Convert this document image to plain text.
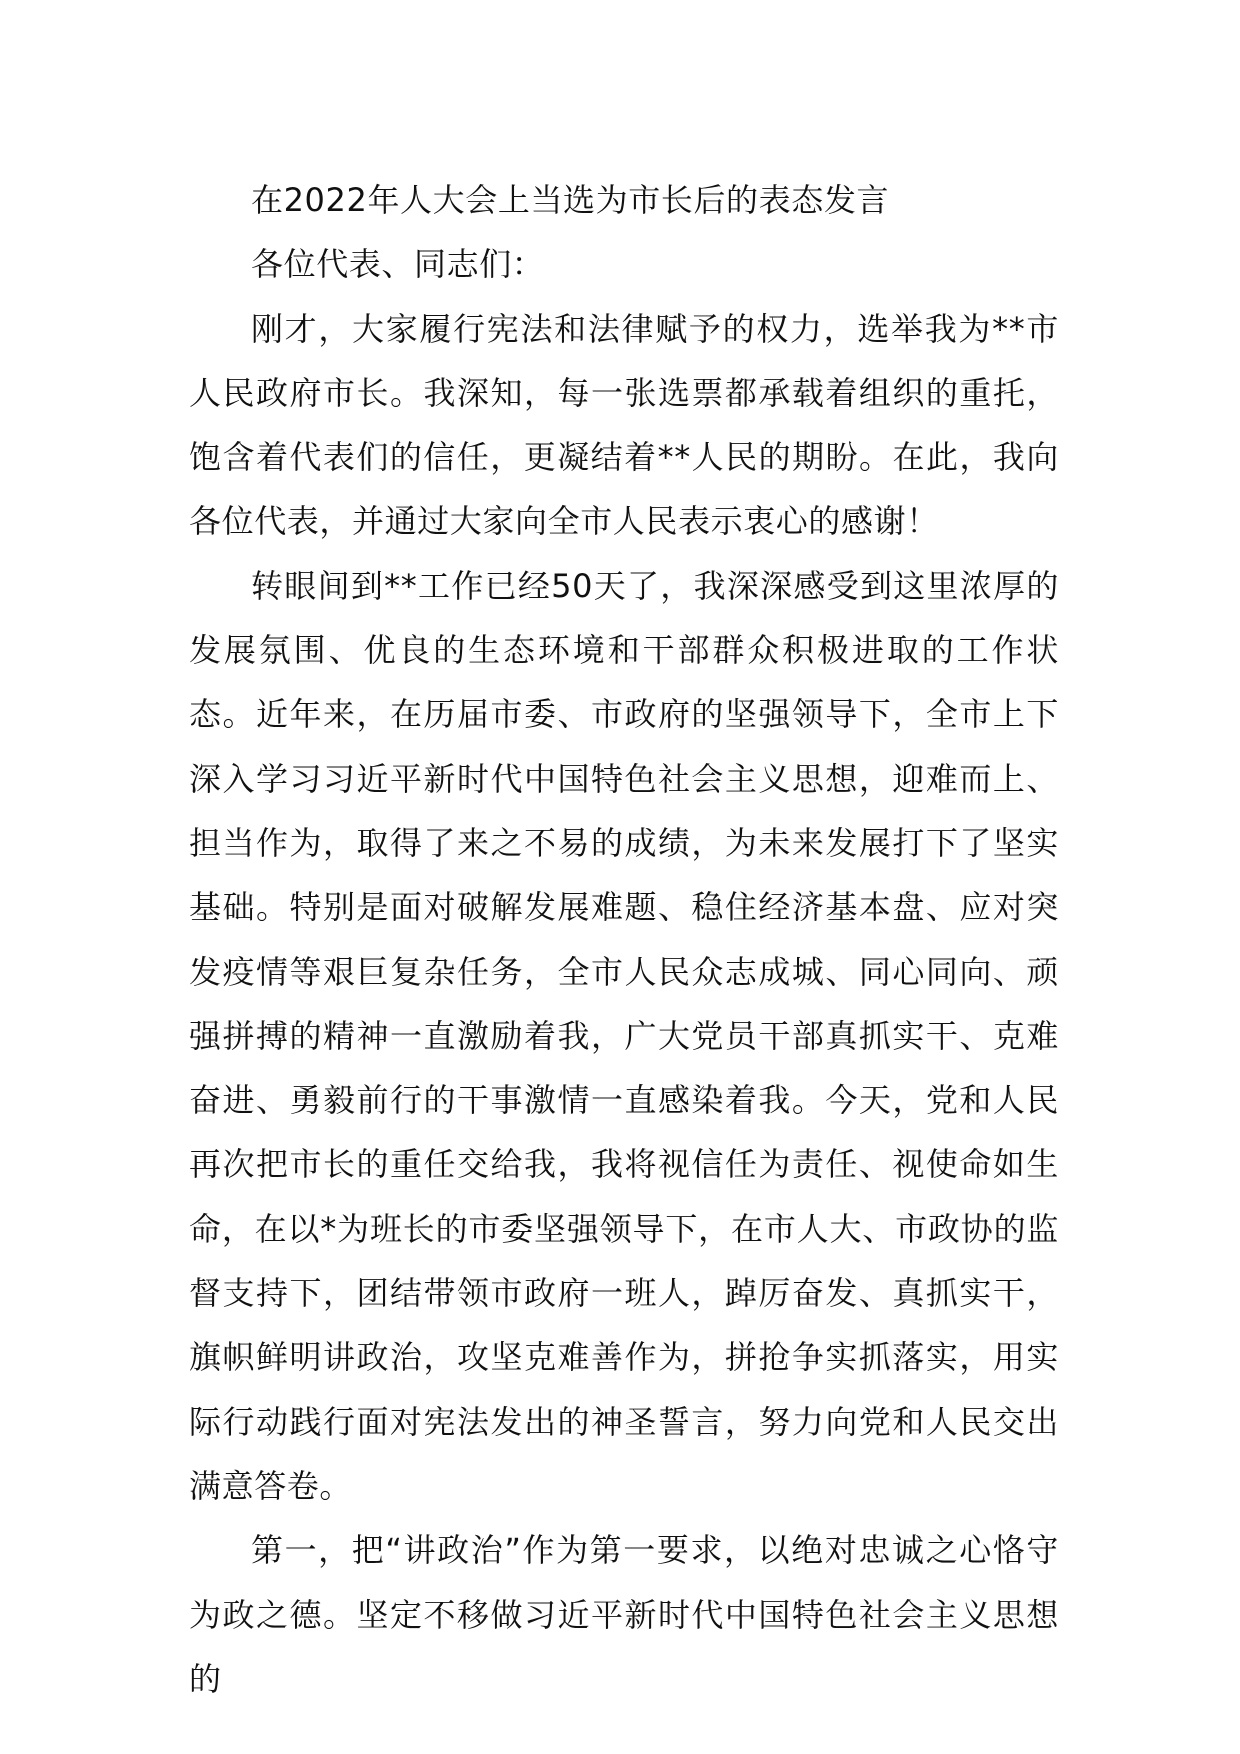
在2022年人大会上当选为市长后的表态发言

各位代表、同志们：

刚才，大家履行宪法和法律赋予的权力，选举我为**市人民政府市长。我深知，每一张选票都承载着组织的重托，饱含着代表们的信任，更凝结着**人民的期盼。在此，我向各位代表，并通过大家向全市人民表示衷心的感谢！

转眼间到**工作已经50天了，我深深感受到这里浓厚的发展氛围、优良的生态环境和干部群众积极进取的工作状态。近年来，在历届市委、市政府的坚强领导下，全市上下深入学习习近平新时代中国特色社会主义思想，迎难而上、担当作为，取得了来之不易的成绩，为未来发展打下了坚实基础。特别是面对破解发展难题、稳住经济基本盘、应对突发疫情等艰巨复杂任务，全市人民众志成城、同心同向、顽强拼搏的精神一直激励着我，广大党员干部真抓实干、克难奋进、勇毅前行的干事激情一直感染着我。今天，党和人民再次把市长的重任交给我，我将视信任为责任、视使命如生命，在以*为班长的市委坚强领导下，在市人大、市政协的监督支持下，团结带领市政府一班人，踔厉奋发、真抓实干，旗帜鲜明讲政治，攻坚克难善作为，拼抢争实抓落实，用实际行动践行面对宪法发出的神圣誓言，努力向党和人民交出满意答卷。

第一，把“讲政治”作为第一要求，以绝对忠诚之心恪守为政之德。坚定不移做习近平新时代中国特色社会主义思想的
